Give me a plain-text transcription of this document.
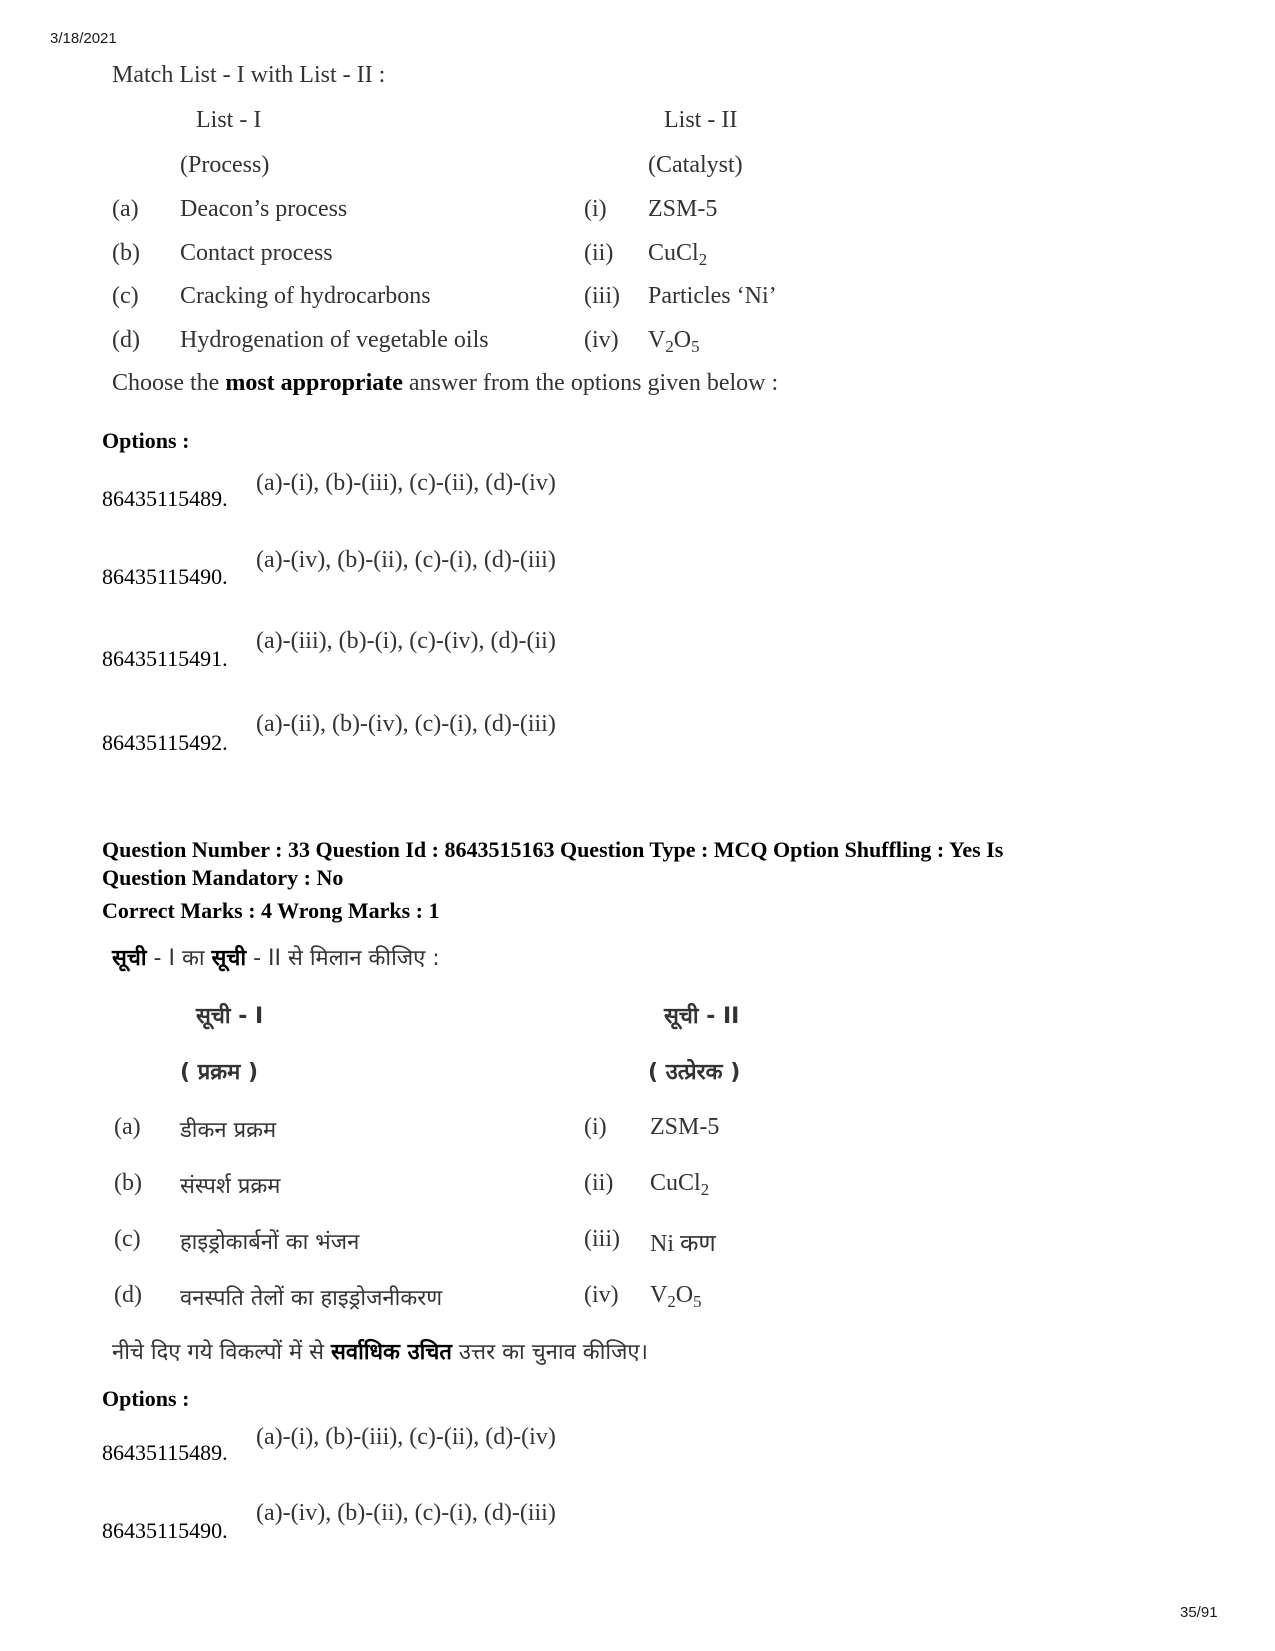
3/18/2021
35/91
Match List - I with List - II :
List - I	List - II
(Process)	(Catalyst)
(a) Deacon’s process	(i) ZSM-5
(b) Contact process	(ii) CuCl$_2$
(c) Cracking of hydrocarbons	(iii) Particles ‘Ni’
(d) Hydrogenation of vegetable oils	(iv) $V_2O_5$
Choose the most appropriate answer from the options given below :
Options :
86435115489.
(a)-(i), (b)-(iii), (c)-(ii), (d)-(iv)
86435115490.
(a)-(iv), (b)-(ii), (c)-(i), (d)-(iii)
86435115491.
(a)-(iii), (b)-(i), (c)-(iv), (d)-(ii)
86435115492.
(a)-(ii), (b)-(iv), (c)-(i), (d)-(iii)
Question Number : 33 Question Id : 8643515163 Question Type : MCQ Option Shuffling : Yes Is
Question Mandatory : No
Correct Marks : 4 Wrong Marks : 1
सूची - I का सूची - II से मिलान कीजिए :
सूची - I	सूची - II
( प्रक्रम )	( उत्प्रेरक )
(a) डीकन प्रक्रम	(i) ZSM-5
(b) संस्पर्श प्रक्रम	(ii) CuCl$_2$
(c) हाइड्रोकार्बनों का भंजन	(iii) Ni कण
(d) वनस्पति तेलों का हाइड्रोजनीकरण	(iv) $V_2O_5$
नीचे दिए गये विकल्पों में से सर्वाधिक उचित उत्तर का चुनाव कीजिए।
Options :
86435115489.
(a)-(i), (b)-(iii), (c)-(ii), (d)-(iv)
86435115490.
(a)-(iv), (b)-(ii), (c)-(i), (d)-(iii)
